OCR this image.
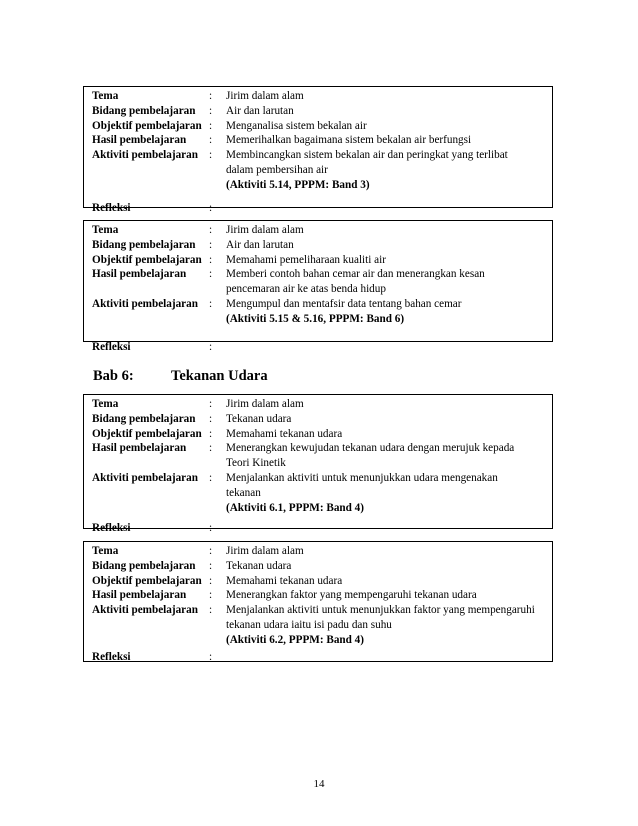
Tema	:	Jirim dalam alam
Bidang pembelajaran	:	Air dan larutan
Objektif pembelajaran :	Menganalisa sistem bekalan air
Hasil pembelajaran	:	Memerihalkan bagaimana sistem bekalan air berfungsi
Aktiviti pembelajaran :	Membincangkan sistem bekalan air dan peringkat yang terlibat
dalam pembersihan air
(Aktiviti 5.14, PPPM: Band 3)
Refleksi	:
Tema	:	Jirim dalam alam
Bidang pembelajaran	:	Air dan larutan
Objektif pembelajaran :	Memahami pemeliharaan kualiti air
Hasil pembelajaran	:	Memberi contoh bahan cemar air dan menerangkan kesan
pencemaran air ke atas benda hidup
Aktiviti pembelajaran :	Mengumpul dan mentafsir data tentang bahan cemar
(Aktiviti 5.15 & 5.16, PPPM: Band 6)
Refleksi	:
Bab 6:	Tekanan Udara
Tema	:	Jirim dalam alam
Bidang pembelajaran	:	Tekanan udara
Objektif pembelajaran :	Memahami tekanan udara
Hasil pembelajaran	:	Menerangkan kewujudan tekanan udara dengan merujuk kepada
Teori Kinetik
Aktiviti pembelajaran :	Menjalankan aktiviti untuk menunjukkan udara mengenakan
tekanan
(Aktiviti 6.1, PPPM: Band 4)
Refleksi	:
Tema	:	Jirim dalam alam
Bidang pembelajaran	:	Tekanan udara
Objektif pembelajaran :	Memahami tekanan udara
Hasil pembelajaran	:	Menerangkan faktor yang mempengaruhi tekanan udara
Aktiviti pembelajaran :	Menjalankan aktiviti untuk menunjukkan faktor yang mempengaruhi
tekanan udara iaitu isi padu dan suhu
(Aktiviti 6.2, PPPM: Band 4)
Refleksi	:
14
